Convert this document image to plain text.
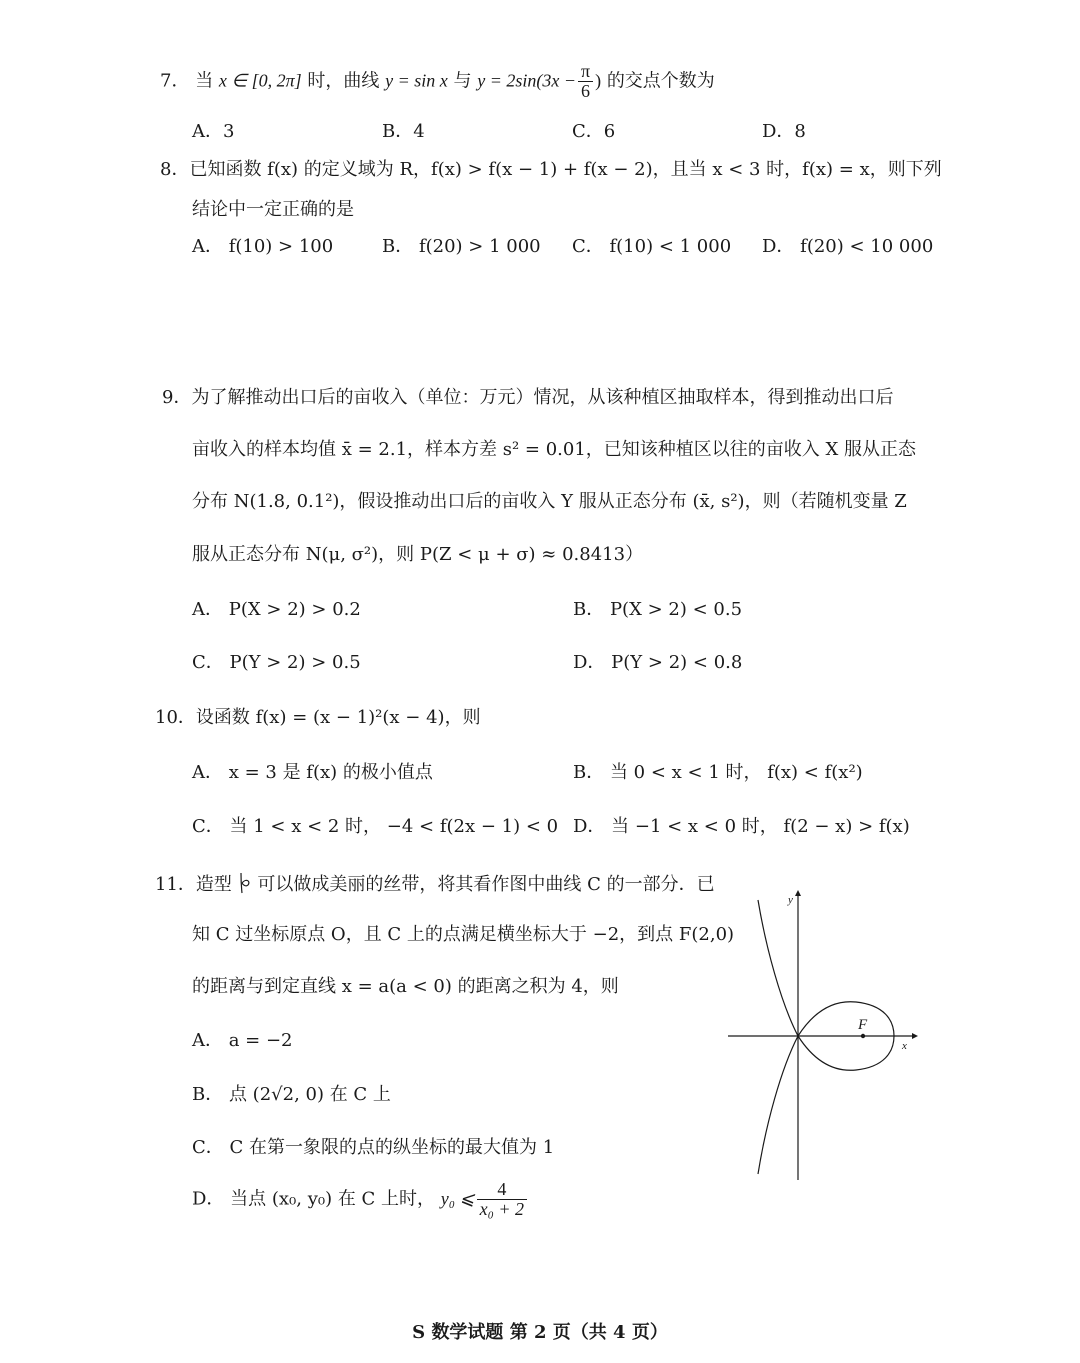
7． 当 x ∈ [0, 2π] 时，曲线 y = sin x 与 $y = 2\sin(3x - \frac{\pi}{6}$ ) 的交点个数为
A．3	B．4	C．6	D．8
8．已知函数 f(x) 的定义域为 R，f(x) > f(x − 1) + f(x − 2)，且当 x < 3 时，f(x) = x，则下列
结论中一定正确的是
A． f(10) > 100	B． f(20) > 1 000 C． f(10) < 1 000 D． f(20) < 10 000
9．为了解推动出口后的亩收入（单位：万元）情况，从该种植区抽取样本，得到推动出口后
亩收入的样本均值 x̄ = 2.1，样本方差 s² = 0.01，已知该种植区以往的亩收入 X 服从正态
分布 N(1.8, 0.1²)，假设推动出口后的亩收入 Y 服从正态分布 (x̄, s²)，则（若随机变量 Z
服从正态分布 N(μ, σ²)，则 P(Z < μ + σ) ≈ 0.8413）
A． P(X > 2) > 0.2	B． P(X > 2) < 0.5
C． P(Y > 2) > 0.5	D． P(Y > 2) < 0.8
10．设函数 f(x) = (x − 1)²(x − 4)，则
A． x = 3 是 f(x) 的极小值点	B． 当 0 < x < 1 时， f(x) < f(x²)
C． 当 1 < x < 2 时， −4 < f(2x − 1) < 0 D． 当 −1 < x < 0 时， f(2 − x) > f(x)
11．造型 可以做成美丽的丝带，将其看作图中曲线 C 的一部分．已
知 C 过坐标原点 O，且 C 上的点满足横坐标大于 −2，到点 F(2,0)
的距离与到定直线 x = a(a < 0) 的距离之积为 4，则
A． a = −2
B． 点 (2√2, 0) 在 C 上
C． C 在第一象限的点的纵坐标的最大值为 1
D． 当点 (x₀, y₀) 在 C 上时， y₀ ⩽ $\frac{4}{\text{x₀ + 2}}$
F
y
x
S 数学试题 第 2 页（共 4 页）
